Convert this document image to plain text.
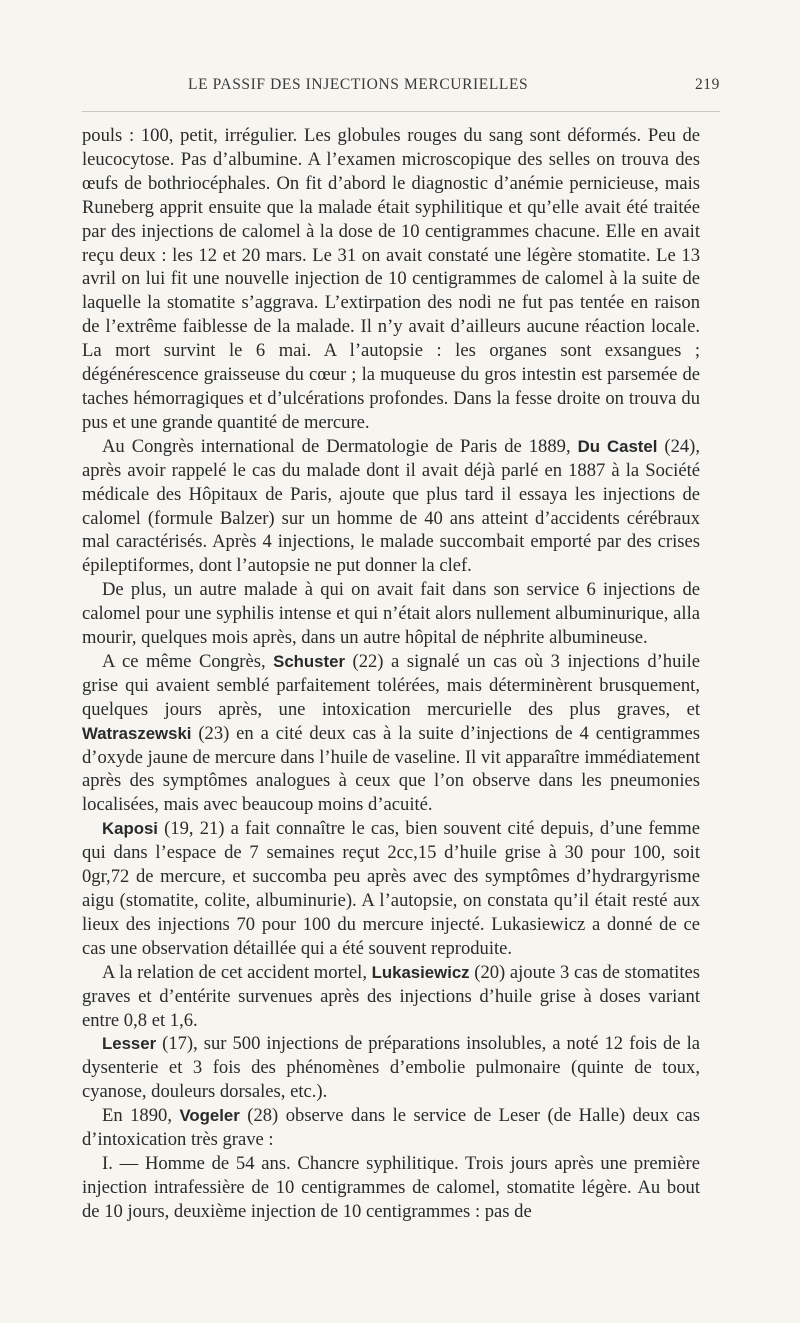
LE PASSIF DES INJECTIONS MERCURIELLES	219

pouls : 100, petit, irrégulier. Les globules rouges du sang sont déformés. Peu de leucocytose. Pas d’albumine. A l’examen microscopique des selles on trouva des œufs de bothriocéphales. On fit d’abord le diagnostic d’anémie pernicieuse, mais Runeberg apprit ensuite que la malade était syphilitique et qu’elle avait été traitée par des injections de calomel à la dose de 10 centigrammes chacune. Elle en avait reçu deux : les 12 et 20 mars. Le 31 on avait constaté une légère stomatite. Le 13 avril on lui fit une nouvelle injection de 10 centigrammes de calomel à la suite de laquelle la stomatite s’aggrava. L’extirpation des nodi ne fut pas tentée en raison de l’extrême faiblesse de la malade. Il n’y avait d’ailleurs aucune réaction locale. La mort survint le 6 mai. A l’autopsie : les organes sont exsangues ; dégénérescence graisseuse du cœur ; la muqueuse du gros intestin est parsemée de taches hémorragiques et d’ulcérations profondes. Dans la fesse droite on trouva du pus et une grande quantité de mercure.

Au Congrès international de Dermatologie de Paris de 1889, Du Castel (24), après avoir rappelé le cas du malade dont il avait déjà parlé en 1887 à la Société médicale des Hôpitaux de Paris, ajoute que plus tard il essaya les injections de calomel (formule Balzer) sur un homme de 40 ans atteint d’accidents cérébraux mal caractérisés. Après 4 injections, le malade succombait emporté par des crises épileptiformes, dont l’autopsie ne put donner la clef.

De plus, un autre malade à qui on avait fait dans son service 6 injections de calomel pour une syphilis intense et qui n’était alors nullement albuminurique, alla mourir, quelques mois après, dans un autre hôpital de néphrite albumineuse.

A ce même Congrès, Schuster (22) a signalé un cas où 3 injections d’huile grise qui avaient semblé parfaitement tolérées, mais déterminèrent brusquement, quelques jours après, une intoxication mercurielle des plus graves, et Watraszewski (23) en a cité deux cas à la suite d’injections de 4 centigrammes d’oxyde jaune de mercure dans l’huile de vaseline. Il vit apparaître immédiatement après des symptômes analogues à ceux que l’on observe dans les pneumonies localisées, mais avec beaucoup moins d’acuité.

Kaposi (19, 21) a fait connaître le cas, bien souvent cité depuis, d’une femme qui dans l’espace de 7 semaines reçut 2cc,15 d’huile grise à 30 pour 100, soit 0gr,72 de mercure, et succomba peu après avec des symptômes d’hydrargyrisme aigu (stomatite, colite, albuminurie). A l’autopsie, on constata qu’il était resté aux lieux des injections 70 pour 100 du mercure injecté. Lukasiewicz a donné de ce cas une observation détaillée qui a été souvent reproduite.

A la relation de cet accident mortel, Lukasiewicz (20) ajoute 3 cas de stomatites graves et d’entérite survenues après des injections d’huile grise à doses variant entre 0,8 et 1,6.

Lesser (17), sur 500 injections de préparations insolubles, a noté 12 fois de la dysenterie et 3 fois des phénomènes d’embolie pulmonaire (quinte de toux, cyanose, douleurs dorsales, etc.).

En 1890, Vogeler (28) observe dans le service de Leser (de Halle) deux cas d’intoxication très grave :

I. — Homme de 54 ans. Chancre syphilitique. Trois jours après une première injection intrafessière de 10 centigrammes de calomel, stomatite légère. Au bout de 10 jours, deuxième injection de 10 centigrammes : pas de
